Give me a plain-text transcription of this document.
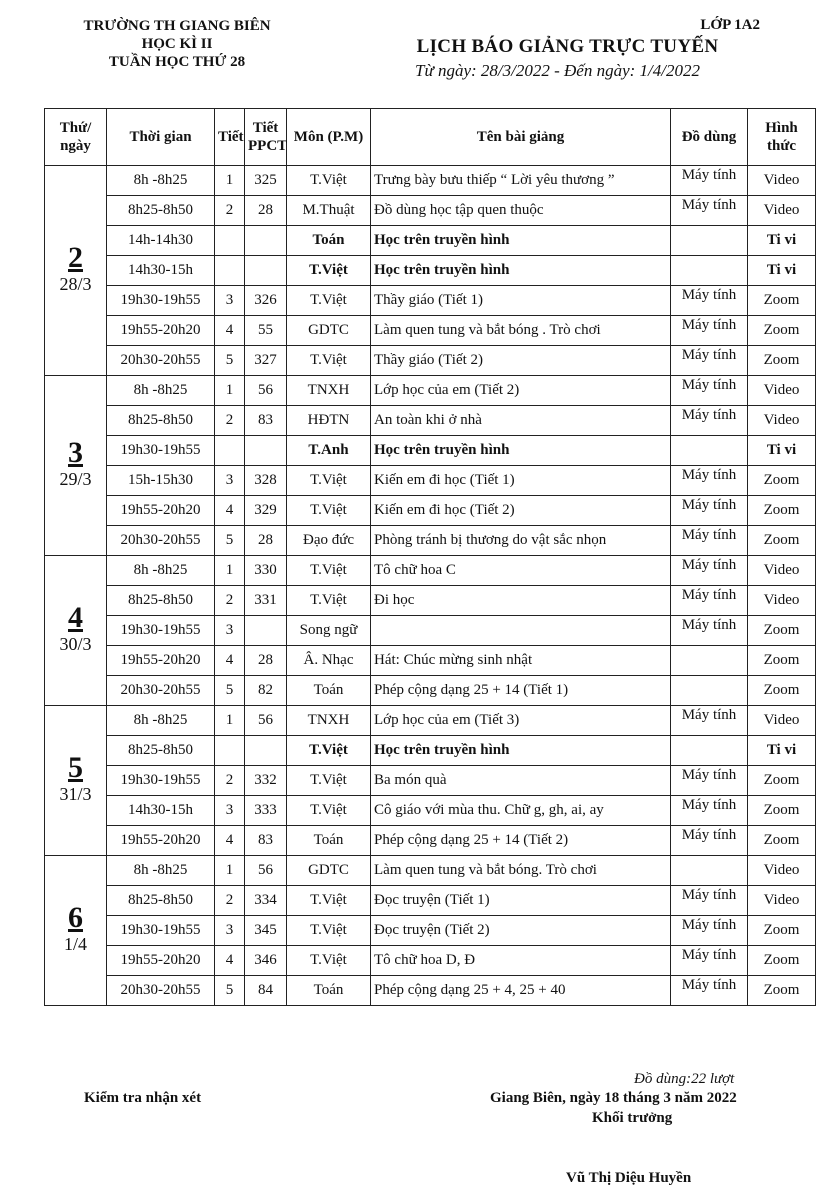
TRƯỜNG TH GIANG BIÊN
HỌC KÌ II
TUẦN HỌC THỨ 28
LỚP 1A2
LỊCH BÁO GIẢNG TRỰC TUYẾN
Từ ngày: 28/3/2022 - Đến ngày: 1/4/2022
Thứ/ ngày	Thời gian	Tiết	Tiết PPCT	Môn (P.M)	Tên bài giảng	Đồ dùng	Hình thức

2
28/3	8h -8h25	1	325	T.Việt	Trưng bày bưu thiếp “ Lời yêu thương ”	Máy tính	Video
	8h25-8h50	2	28	M.Thuật	Đồ dùng học tập quen thuộc	Máy tính	Video
	14h-14h30			Toán	Học trên truyền hình		Ti vi
	14h30-15h			T.Việt	Học trên truyền hình		Ti vi
	19h30-19h55	3	326	T.Việt	Thầy giáo (Tiết 1)	Máy tính	Zoom
	19h55-20h20	4	55	GDTC	Làm quen tung và bắt bóng . Trò chơi	Máy tính	Zoom
	20h30-20h55	5	327	T.Việt	Thầy giáo (Tiết 2)	Máy tính	Zoom

3
29/3	8h -8h25	1	56	TNXH	Lớp học của em (Tiết 2)	Máy tính	Video
	8h25-8h50	2	83	HĐTN	An toàn khi ở nhà	Máy tính	Video
	19h30-19h55			T.Anh	Học trên truyền hình		Ti vi
	15h-15h30	3	328	T.Việt	Kiến em đi học (Tiết 1)	Máy tính	Zoom
	19h55-20h20	4	329	T.Việt	Kiến em đi học (Tiết 2)	Máy tính	Zoom
	20h30-20h55	5	28	Đạo đức	Phòng tránh bị thương do vật sắc nhọn	Máy tính	Zoom

4
30/3	8h -8h25	1	330	T.Việt	Tô chữ hoa C	Máy tính	Video
	8h25-8h50	2	331	T.Việt	Đi học	Máy tính	Video
	19h30-19h55	3		Song ngữ		Máy tính	Zoom
	19h55-20h20	4	28	Â. Nhạc	Hát: Chúc mừng sinh nhật		Zoom
	20h30-20h55	5	82	Toán	Phép cộng dạng 25 + 14 (Tiết 1)		Zoom

5
31/3	8h -8h25	1	56	TNXH	Lớp học của em (Tiết 3)	Máy tính	Video
	8h25-8h50			T.Việt	Học trên truyền hình		Ti vi
	19h30-19h55	2	332	T.Việt	Ba món quà	Máy tính	Zoom
	14h30-15h	3	333	T.Việt	Cô giáo với mùa thu. Chữ g, gh, ai, ay	Máy tính	Zoom
	19h55-20h20	4	83	Toán	Phép cộng dạng 25 + 14 (Tiết 2)	Máy tính	Zoom

6
1/4	8h -8h25	1	56	GDTC	Làm quen tung và bắt bóng. Trò chơi		Video
	8h25-8h50	2	334	T.Việt	Đọc truyện (Tiết 1)	Máy tính	Video
	19h30-19h55	3	345	T.Việt	Đọc truyện (Tiết 2)	Máy tính	Zoom
	19h55-20h20	4	346	T.Việt	Tô chữ hoa D, Đ	Máy tính	Zoom
	20h30-20h55	5	84	Toán	Phép cộng dạng 25 + 4, 25 + 40	Máy tính	Zoom
Đồ dùng:22 lượt
Kiểm tra nhận xét	Giang Biên, ngày 18 tháng 3 năm 2022
Khối trưởng
Vũ Thị Diệu Huyền
